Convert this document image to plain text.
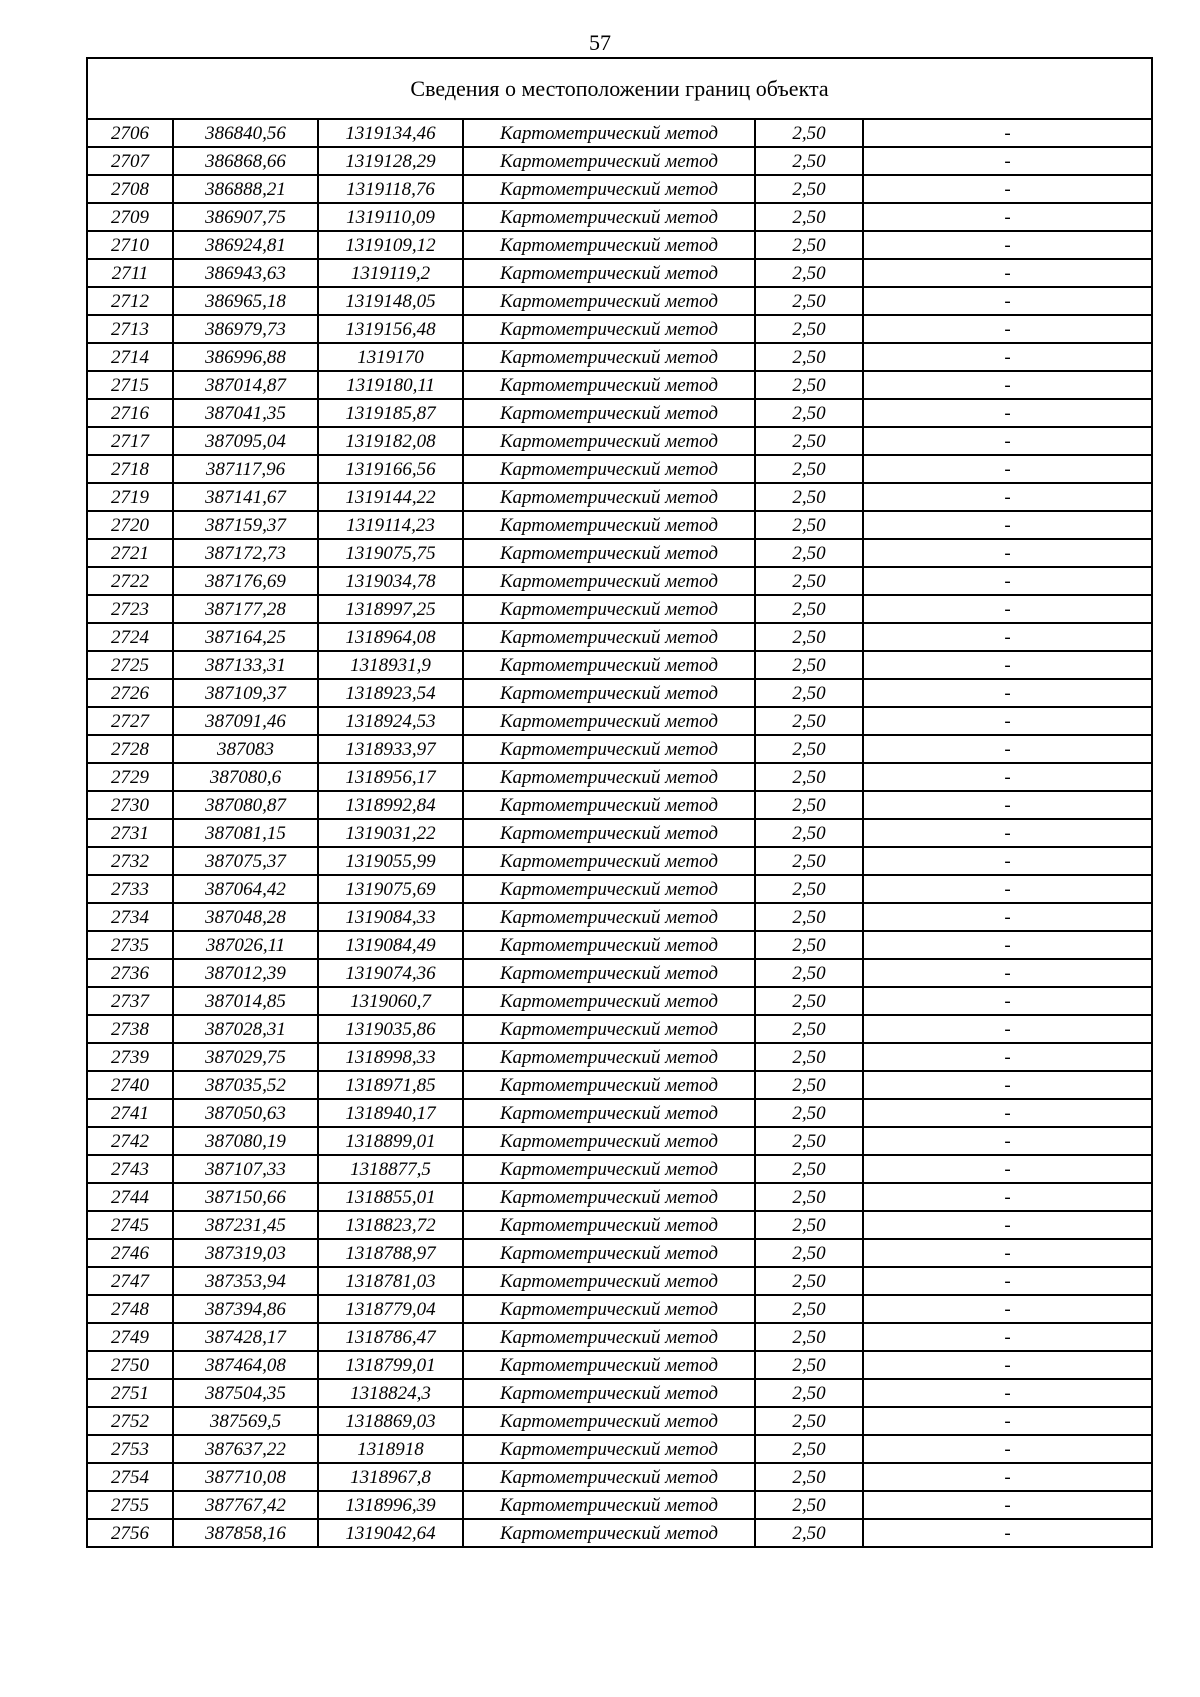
57
Сведения о местоположении границ объекта					
2706	386840,56	1319134,46	Картометрический метод	2,50	-
2707	386868,66	1319128,29	Картометрический метод	2,50	-
2708	386888,21	1319118,76	Картометрический метод	2,50	-
2709	386907,75	1319110,09	Картометрический метод	2,50	-
2710	386924,81	1319109,12	Картометрический метод	2,50	-
2711	386943,63	1319119,2	Картометрический метод	2,50	-
2712	386965,18	1319148,05	Картометрический метод	2,50	-
2713	386979,73	1319156,48	Картометрический метод	2,50	-
2714	386996,88	1319170	Картометрический метод	2,50	-
2715	387014,87	1319180,11	Картометрический метод	2,50	-
2716	387041,35	1319185,87	Картометрический метод	2,50	-
2717	387095,04	1319182,08	Картометрический метод	2,50	-
2718	387117,96	1319166,56	Картометрический метод	2,50	-
2719	387141,67	1319144,22	Картометрический метод	2,50	-
2720	387159,37	1319114,23	Картометрический метод	2,50	-
2721	387172,73	1319075,75	Картометрический метод	2,50	-
2722	387176,69	1319034,78	Картометрический метод	2,50	-
2723	387177,28	1318997,25	Картометрический метод	2,50	-
2724	387164,25	1318964,08	Картометрический метод	2,50	-
2725	387133,31	1318931,9	Картометрический метод	2,50	-
2726	387109,37	1318923,54	Картометрический метод	2,50	-
2727	387091,46	1318924,53	Картометрический метод	2,50	-
2728	387083	1318933,97	Картометрический метод	2,50	-
2729	387080,6	1318956,17	Картометрический метод	2,50	-
2730	387080,87	1318992,84	Картометрический метод	2,50	-
2731	387081,15	1319031,22	Картометрический метод	2,50	-
2732	387075,37	1319055,99	Картометрический метод	2,50	-
2733	387064,42	1319075,69	Картометрический метод	2,50	-
2734	387048,28	1319084,33	Картометрический метод	2,50	-
2735	387026,11	1319084,49	Картометрический метод	2,50	-
2736	387012,39	1319074,36	Картометрический метод	2,50	-
2737	387014,85	1319060,7	Картометрический метод	2,50	-
2738	387028,31	1319035,86	Картометрический метод	2,50	-
2739	387029,75	1318998,33	Картометрический метод	2,50	-
2740	387035,52	1318971,85	Картометрический метод	2,50	-
2741	387050,63	1318940,17	Картометрический метод	2,50	-
2742	387080,19	1318899,01	Картометрический метод	2,50	-
2743	387107,33	1318877,5	Картометрический метод	2,50	-
2744	387150,66	1318855,01	Картометрический метод	2,50	-
2745	387231,45	1318823,72	Картометрический метод	2,50	-
2746	387319,03	1318788,97	Картометрический метод	2,50	-
2747	387353,94	1318781,03	Картометрический метод	2,50	-
2748	387394,86	1318779,04	Картометрический метод	2,50	-
2749	387428,17	1318786,47	Картометрический метод	2,50	-
2750	387464,08	1318799,01	Картометрический метод	2,50	-
2751	387504,35	1318824,3	Картометрический метод	2,50	-
2752	387569,5	1318869,03	Картометрический метод	2,50	-
2753	387637,22	1318918	Картометрический метод	2,50	-
2754	387710,08	1318967,8	Картометрический метод	2,50	-
2755	387767,42	1318996,39	Картометрический метод	2,50	-
2756	387858,16	1319042,64	Картометрический метод	2,50	-
